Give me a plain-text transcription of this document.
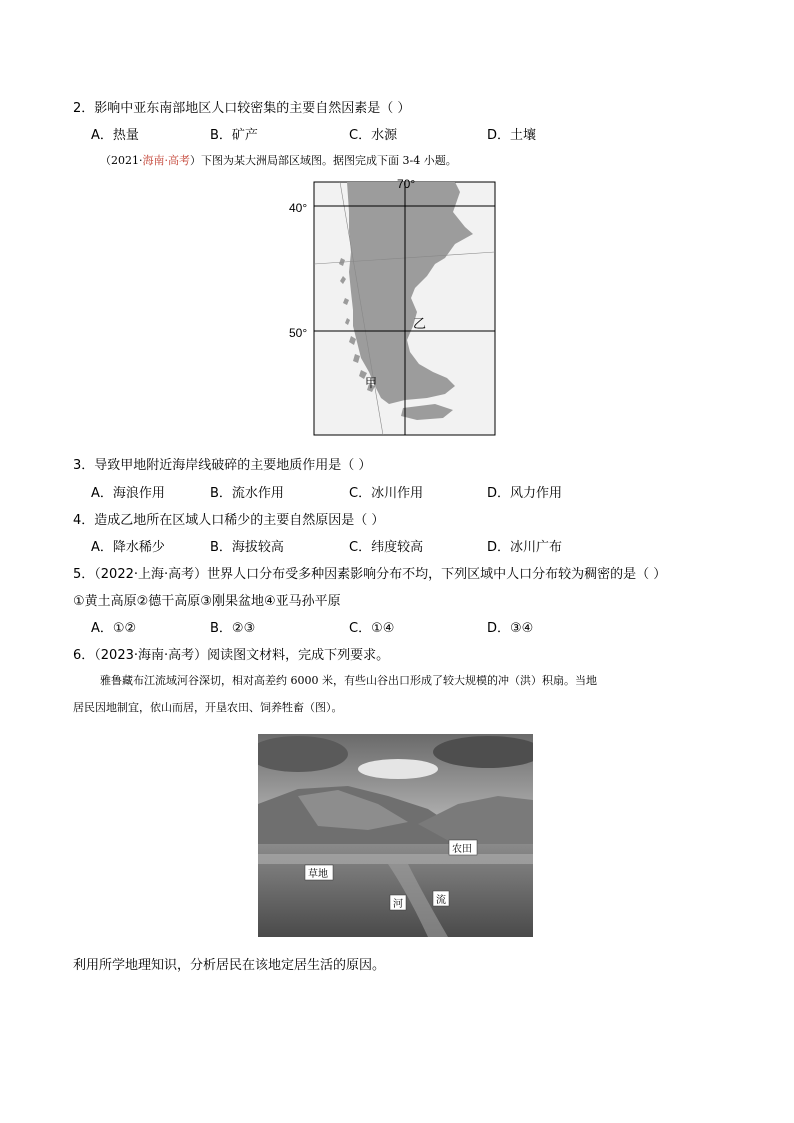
2．影响中亚东南部地区人口较密集的主要自然因素是（ ）
A．热量	B．矿产	C．水源	D．土壤
（2021·海南·高考）下图为某大洲局部区域图。据图完成下面 3-4 小题。
70°
40°
50°
乙
甲
3．导致甲地附近海岸线破碎的主要地质作用是（ ）
A．海浪作用	B．流水作用	C．冰川作用	D．风力作用
4．造成乙地所在区域人口稀少的主要自然原因是（ ）
A．降水稀少	B．海拔较高	C．纬度较高	D．冰川广布
5．（2022·上海·高考）世界人口分布受多种因素影响分布不均，下列区域中人口分布较为稠密的是（ ）
①黄土高原②德干高原③刚果盆地④亚马孙平原
A．①②	B．②③	C．①④	D．③④
6．（2023·海南·高考）阅读图文材料，完成下列要求。
雅鲁藏布江流域河谷深切，相对高差约 6000 米，有些山谷出口形成了较大规模的冲（洪）积扇。当地
居民因地制宜，依山而居，开垦农田、饲养牲畜（图）。
农田
草地
河	流
利用所学地理知识，分析居民在该地定居生活的原因。
